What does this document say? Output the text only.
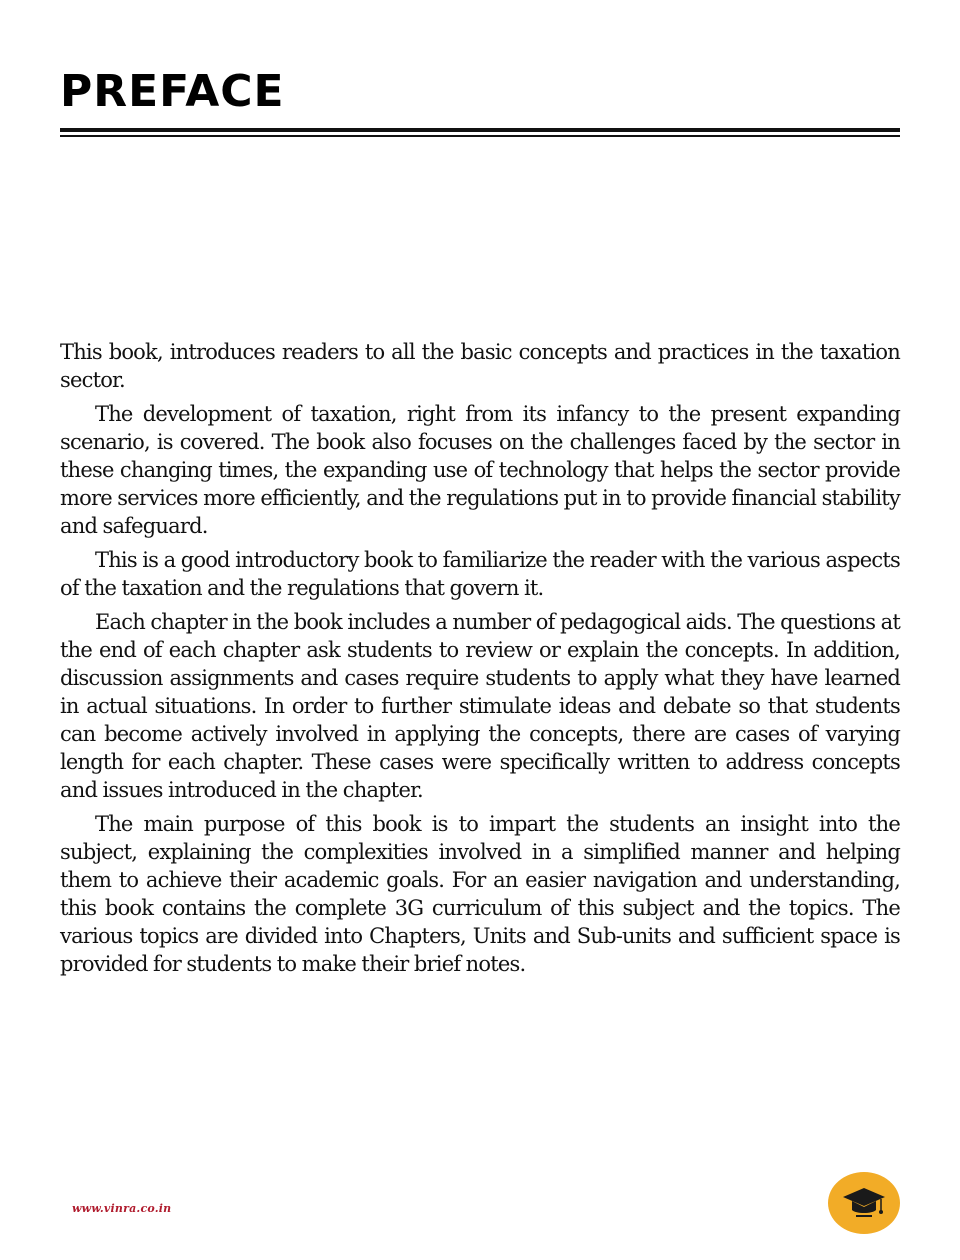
PREFACE

This book, introduces readers to all the basic concepts and practices in the taxation sector.

The development of taxation, right from its infancy to the present expanding scenario, is covered. The book also focuses on the challenges faced by the sector in these changing times, the expanding use of technology that helps the sector provide more services more efficiently, and the regulations put in to provide financial stability and safeguard.

This is a good introductory book to familiarize the reader with the various aspects of the taxation and the regulations that govern it.

Each chapter in the book includes a number of pedagogical aids. The questions at the end of each chapter ask students to review or explain the concepts. In addition, discussion assignments and cases require students to apply what they have learned in actual situations. In order to further stimulate ideas and debate so that students can become actively involved in applying the concepts, there are cases of varying length for each chapter. These cases were specifically written to address concepts and issues introduced in the chapter.

The main purpose of this book is to impart the students an insight into the subject, explaining the complexities involved in a simplified manner and helping them to achieve their academic goals. For an easier navigation and understanding, this book contains the complete 3G curriculum of this subject and the topics. The various topics are divided into Chapters, Units and Sub-units and sufficient space is provided for students to make their brief notes.

www.vinra.co.in
